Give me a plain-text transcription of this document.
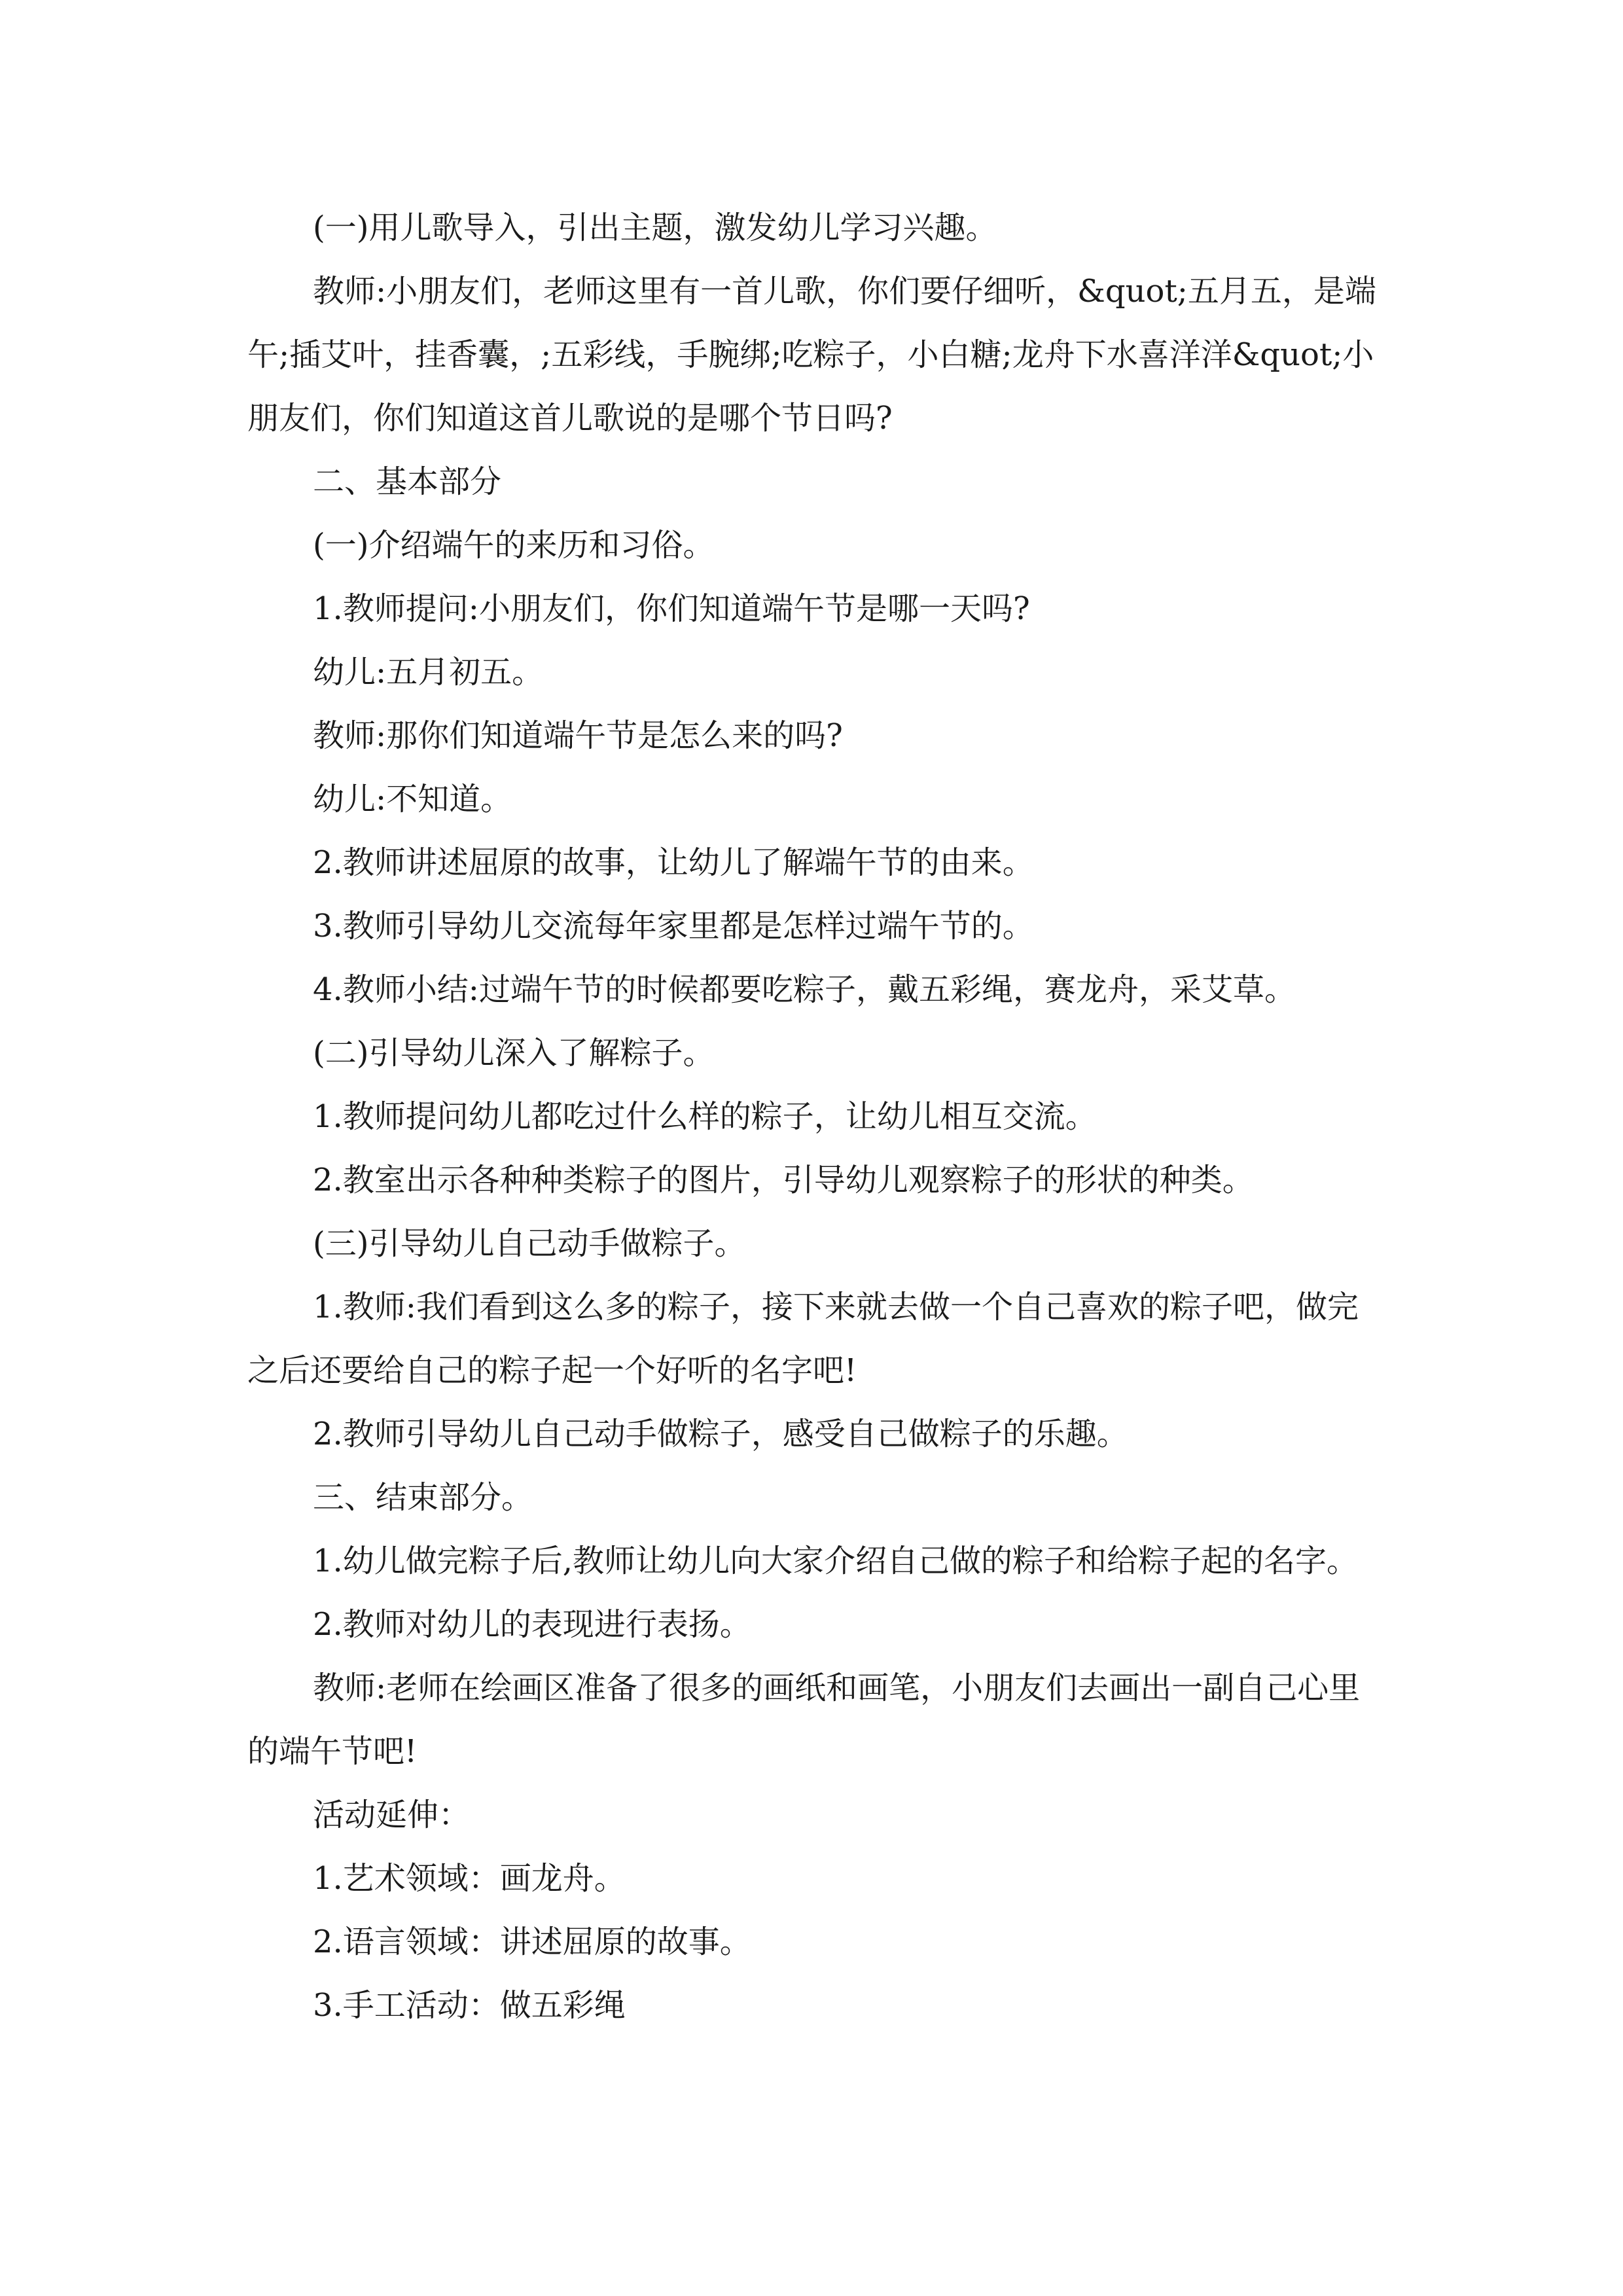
(一)用儿歌导入，引出主题，激发幼儿学习兴趣。

教师:小朋友们，老师这里有一首儿歌，你们要仔细听，&quot;五月五，是端午;插艾叶，挂香囊，;五彩线，手腕绑;吃粽子，小白糖;龙舟下水喜洋洋&quot;小朋友们，你们知道这首儿歌说的是哪个节日吗?

二、基本部分

(一)介绍端午的来历和习俗。

1.教师提问:小朋友们，你们知道端午节是哪一天吗?

幼儿:五月初五。

教师:那你们知道端午节是怎么来的吗?

幼儿:不知道。

2.教师讲述屈原的故事，让幼儿了解端午节的由来。

3.教师引导幼儿交流每年家里都是怎样过端午节的。

4.教师小结:过端午节的时候都要吃粽子，戴五彩绳，赛龙舟，采艾草。

(二)引导幼儿深入了解粽子。

1.教师提问幼儿都吃过什么样的粽子，让幼儿相互交流。

2.教室出示各种种类粽子的图片，引导幼儿观察粽子的形状的种类。

(三)引导幼儿自己动手做粽子。

1.教师:我们看到这么多的粽子，接下来就去做一个自己喜欢的粽子吧，做完之后还要给自己的粽子起一个好听的名字吧!

2.教师引导幼儿自己动手做粽子，感受自己做粽子的乐趣。

三、结束部分。

1.幼儿做完粽子后,教师让幼儿向大家介绍自己做的粽子和给粽子起的名字。

2.教师对幼儿的表现进行表扬。

教师:老师在绘画区准备了很多的画纸和画笔，小朋友们去画出一副自己心里的端午节吧!

活动延伸：

1.艺术领域：画龙舟。

2.语言领域：讲述屈原的故事。

3.手工活动：做五彩绳
